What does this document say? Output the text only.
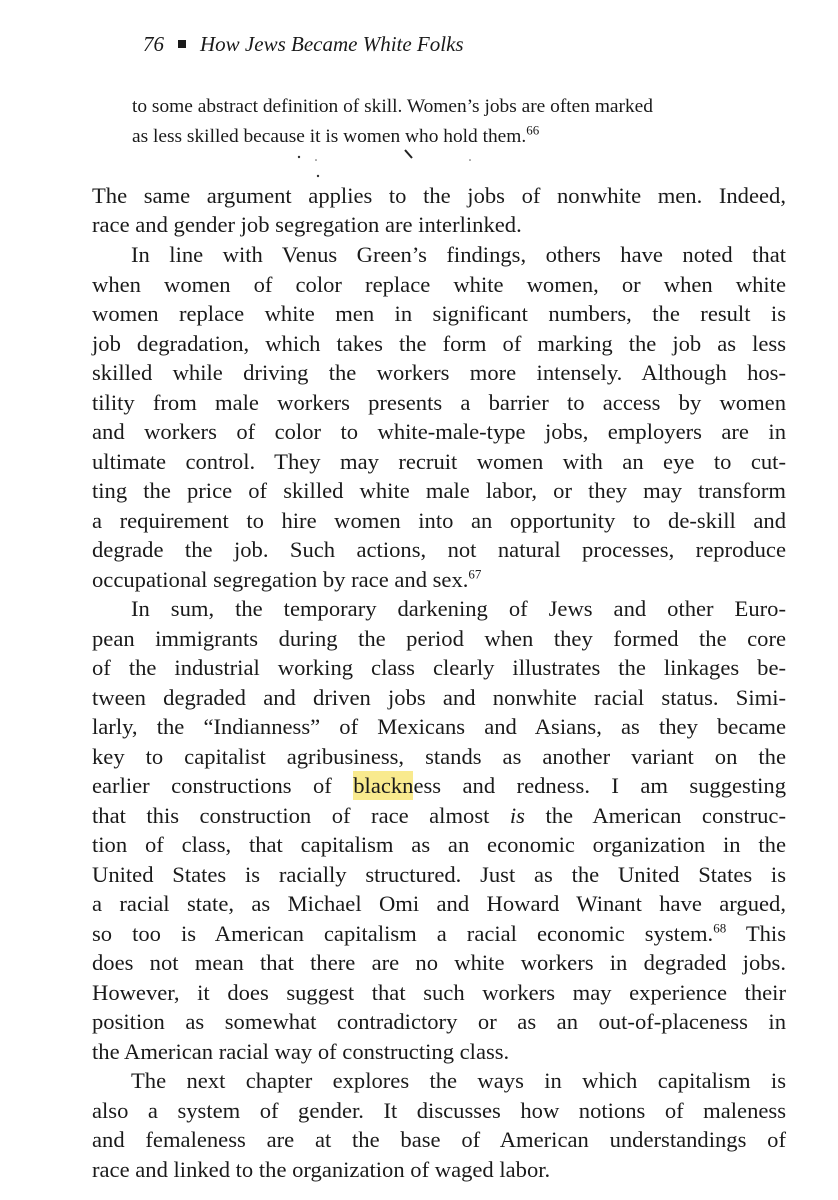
76 How Jews Became White Folks
to some abstract definition of skill. Women’s jobs are often marked
as less skilled because it is women who hold them.$^{66}$
The same argument applies to the jobs of nonwhite men. Indeed,
race and gender job segregation are interlinked.
In line with Venus Green’s findings, others have noted that
when women of color replace white women, or when white
women replace white men in significant numbers, the result is
job degradation, which takes the form of marking the job as less
skilled while driving the workers more intensely. Although hos-
tility from male workers presents a barrier to access by women
and workers of color to white-male-type jobs, employers are in
ultimate control. They may recruit women with an eye to cut-
ting the price of skilled white male labor, or they may transform
a requirement to hire women into an opportunity to de-skill and
degrade the job. Such actions, not natural processes, reproduce
occupational segregation by race and sex.$^{67}$
In sum, the temporary darkening of Jews and other Euro-
pean immigrants during the period when they formed the core
of the industrial working class clearly illustrates the linkages be-
tween degraded and driven jobs and nonwhite racial status. Simi-
larly, the “Indianness” of Mexicans and Asians, as they became
key to capitalist agribusiness, stands as another variant on the
earlier constructions of blackness and redness. I am suggesting
that this construction of race almost is the American construc-
tion of class, that capitalism as an economic organization in the
United States is racially structured. Just as the United States is
a racial state, as Michael Omi and Howard Winant have argued,
so too is American capitalism a racial economic system.$^{68}$ This
does not mean that there are no white workers in degraded jobs.
However, it does suggest that such workers may experience their
position as somewhat contradictory or as an out-of-placeness in
the American racial way of constructing class.
The next chapter explores the ways in which capitalism is
also a system of gender. It discusses how notions of maleness
and femaleness are at the base of American understandings of
race and linked to the organization of waged labor.
